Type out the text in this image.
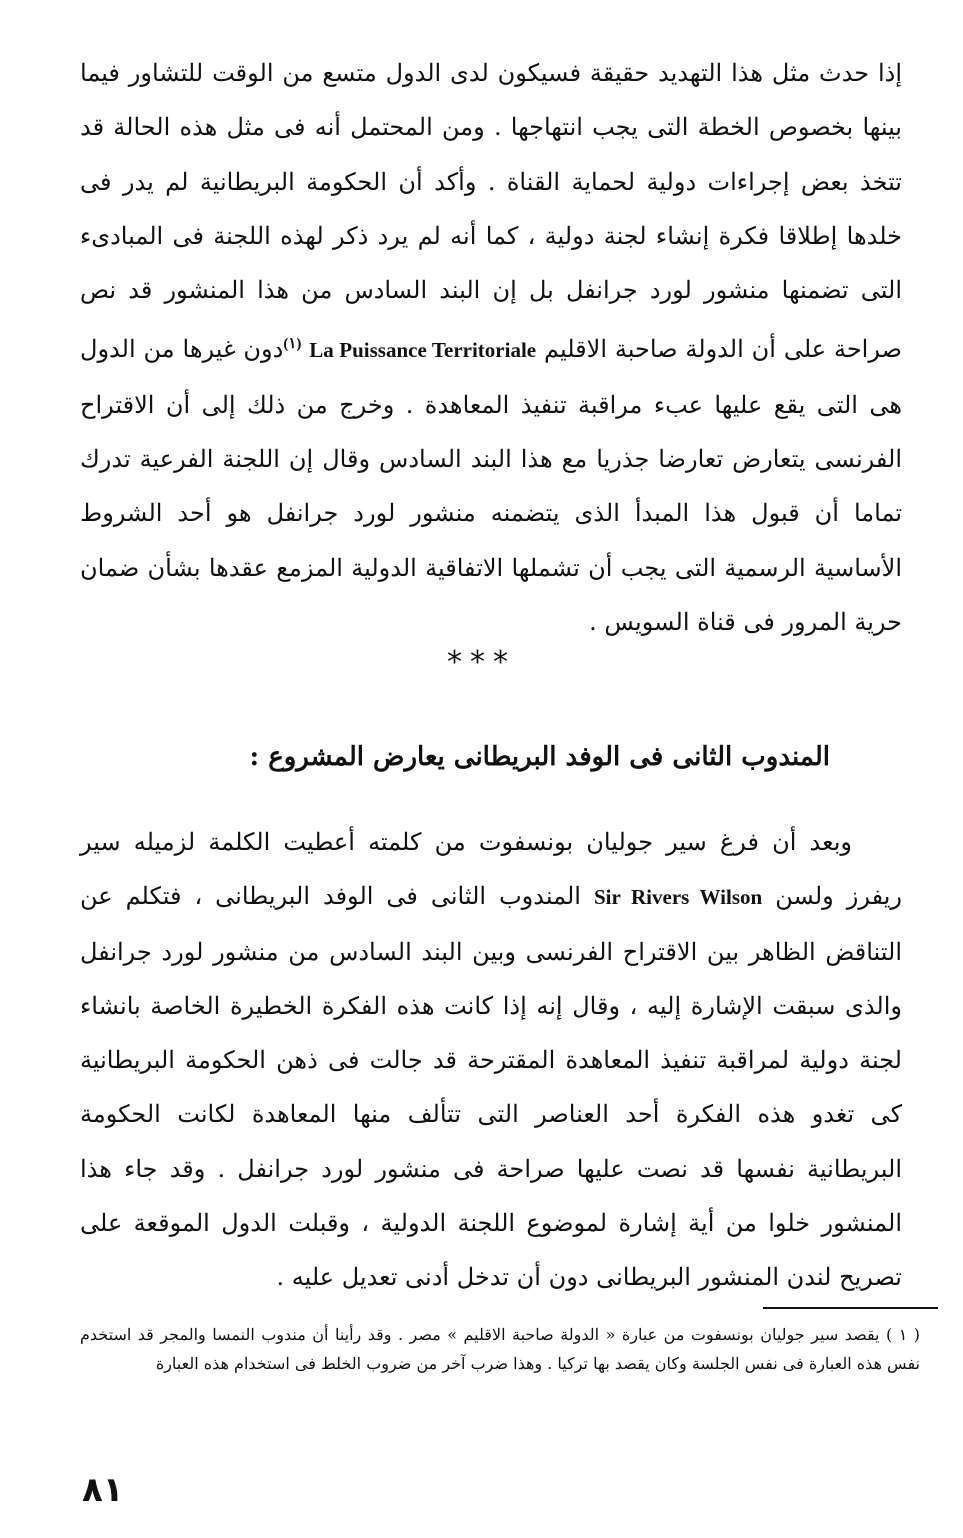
إذا حدث مثل هذا التهديد حقيقة فسيكون لدى الدول متسع من الوقت للتشاور فيما بينها بخصوص الخطة التى يجب انتهاجها . ومن المحتمل أنه فى مثل هذه الحالة قد تتخذ بعض إجراءات دولية لحماية القناة . وأكد أن الحكومة البريطانية لم يدر فى خلدها إطلاقا فكرة إنشاء لجنة دولية ، كما أنه لم يرد ذكر لهذه اللجنة فى المبادىء التى تضمنها منشور لورد جرانفل بل إن البند السادس من هذا المنشور قد نص صراحة على أن الدولة صاحبة الاقليم La Puissance Territoriale $^{(١)}$دون غيرها من الدول هى التى يقع عليها عبء مراقبة تنفيذ المعاهدة . وخرج من ذلك إلى أن الاقتراح الفرنسى يتعارض تعارضا جذريا مع هذا البند السادس وقال إن اللجنة الفرعية تدرك تماما أن قبول هذا المبدأ الذى يتضمنه منشور لورد جرانفل هو أحد الشروط الأساسية الرسمية التى يجب أن تشملها الاتفاقية الدولية المزمع عقدها بشأن ضمان حرية المرور فى قناة السويس .

***

المندوب الثانى فى الوفد البريطانى يعارض المشروع :

وبعد أن فرغ سير جوليان بونسفوت من كلمته أعطيت الكلمة لزميله سير ريفرز ولسن Sir Rivers Wilson المندوب الثانى فى الوفد البريطانى ، فتكلم عن التناقض الظاهر بين الاقتراح الفرنسى وبين البند السادس من منشور لورد جرانفل والذى سبقت الإشارة إليه ، وقال إنه إذا كانت هذه الفكرة الخطيرة الخاصة بانشاء لجنة دولية لمراقبة تنفيذ المعاهدة المقترحة قد جالت فى ذهن الحكومة البريطانية كى تغدو هذه الفكرة أحد العناصر التى تتألف منها المعاهدة لكانت الحكومة البريطانية نفسها قد نصت عليها صراحة فى منشور لورد جرانفل . وقد جاء هذا المنشور خلوا من أية إشارة لموضوع اللجنة الدولية ، وقبلت الدول الموقعة على تصريح لندن المنشور البريطانى دون أن تدخل أدنى تعديل عليه .

( ١ ) يقصد سير جوليان بونسفوت من عبارة « الدولة صاحبة الاقليم » مصر . وقد رأينا أن مندوب النمسا والمجر قد استخدم نفس هذه العبارة فى نفس الجلسة وكان يقصد بها تركيا . وهذا ضرب آخر من ضروب الخلط فى استخدام هذه العبارة

٨١
